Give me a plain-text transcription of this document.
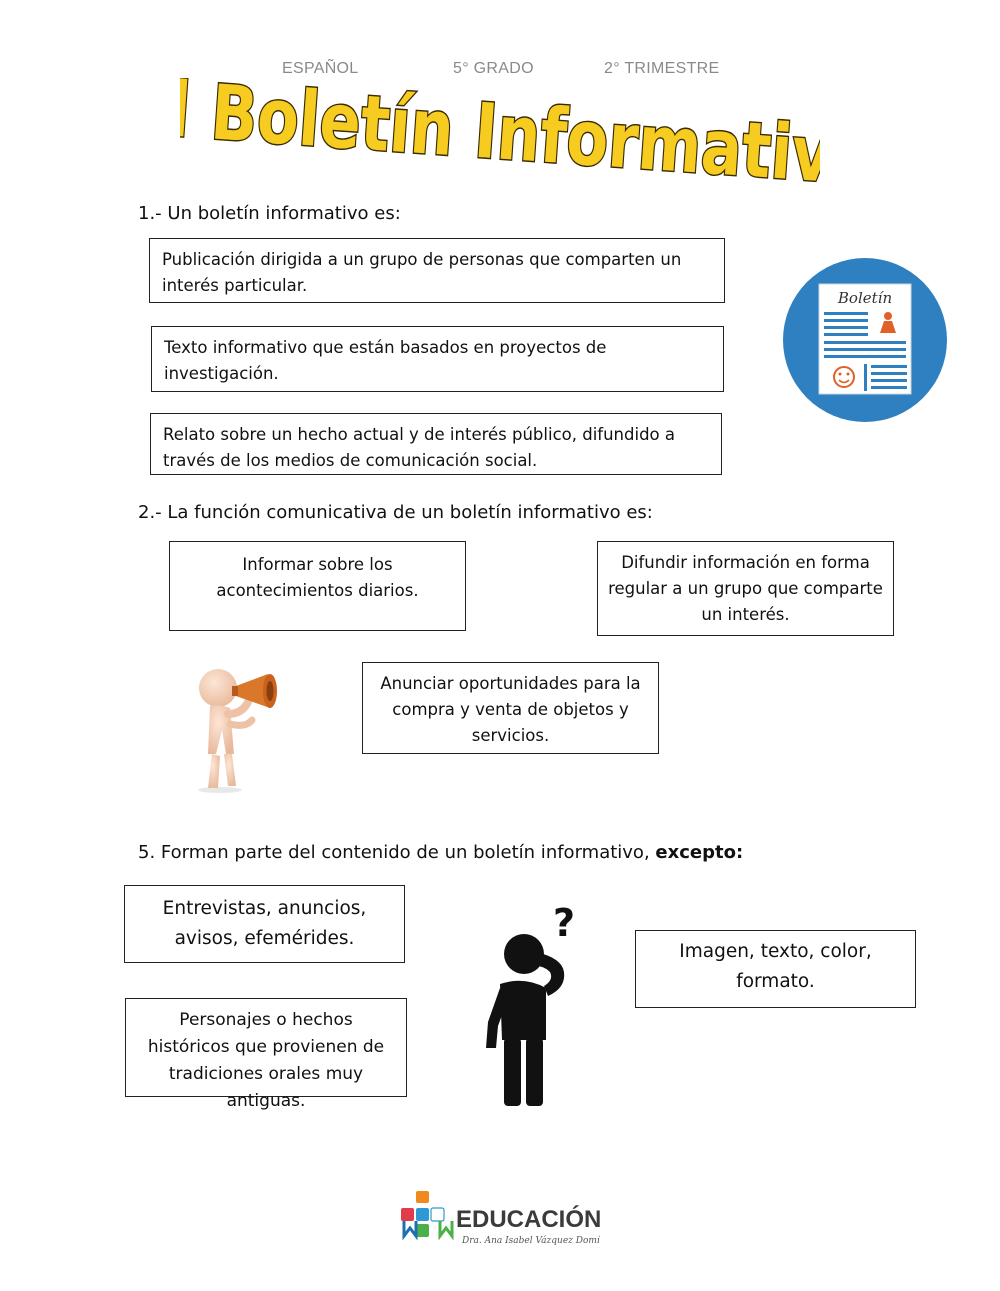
ESPAÑOL	5° GRADO	2° TRIMESTRE
El Boletín Informativo
1.- Un boletín informativo es:
Publicación dirigida a un grupo de personas que comparten un interés particular.
Texto informativo que están basados en proyectos de investigación.
Relato sobre un hecho actual y de interés público, difundido a través de los medios de comunicación social.
Boletín
2.- La función comunicativa de un boletín informativo es:
Informar sobre los acontecimientos diarios.
Difundir información en forma regular a un grupo que comparte un interés.
Anunciar oportunidades para la compra y venta de objetos y servicios.
5. Forman parte del contenido de un boletín informativo, excepto:
Entrevistas, anuncios, avisos, efemérides.
Personajes o hechos históricos que provienen de tradiciones orales muy antiguas.
Imagen, texto, color, formato.
?
EDUCACIÓN
Dra. Ana Isabel Vázquez Domí
